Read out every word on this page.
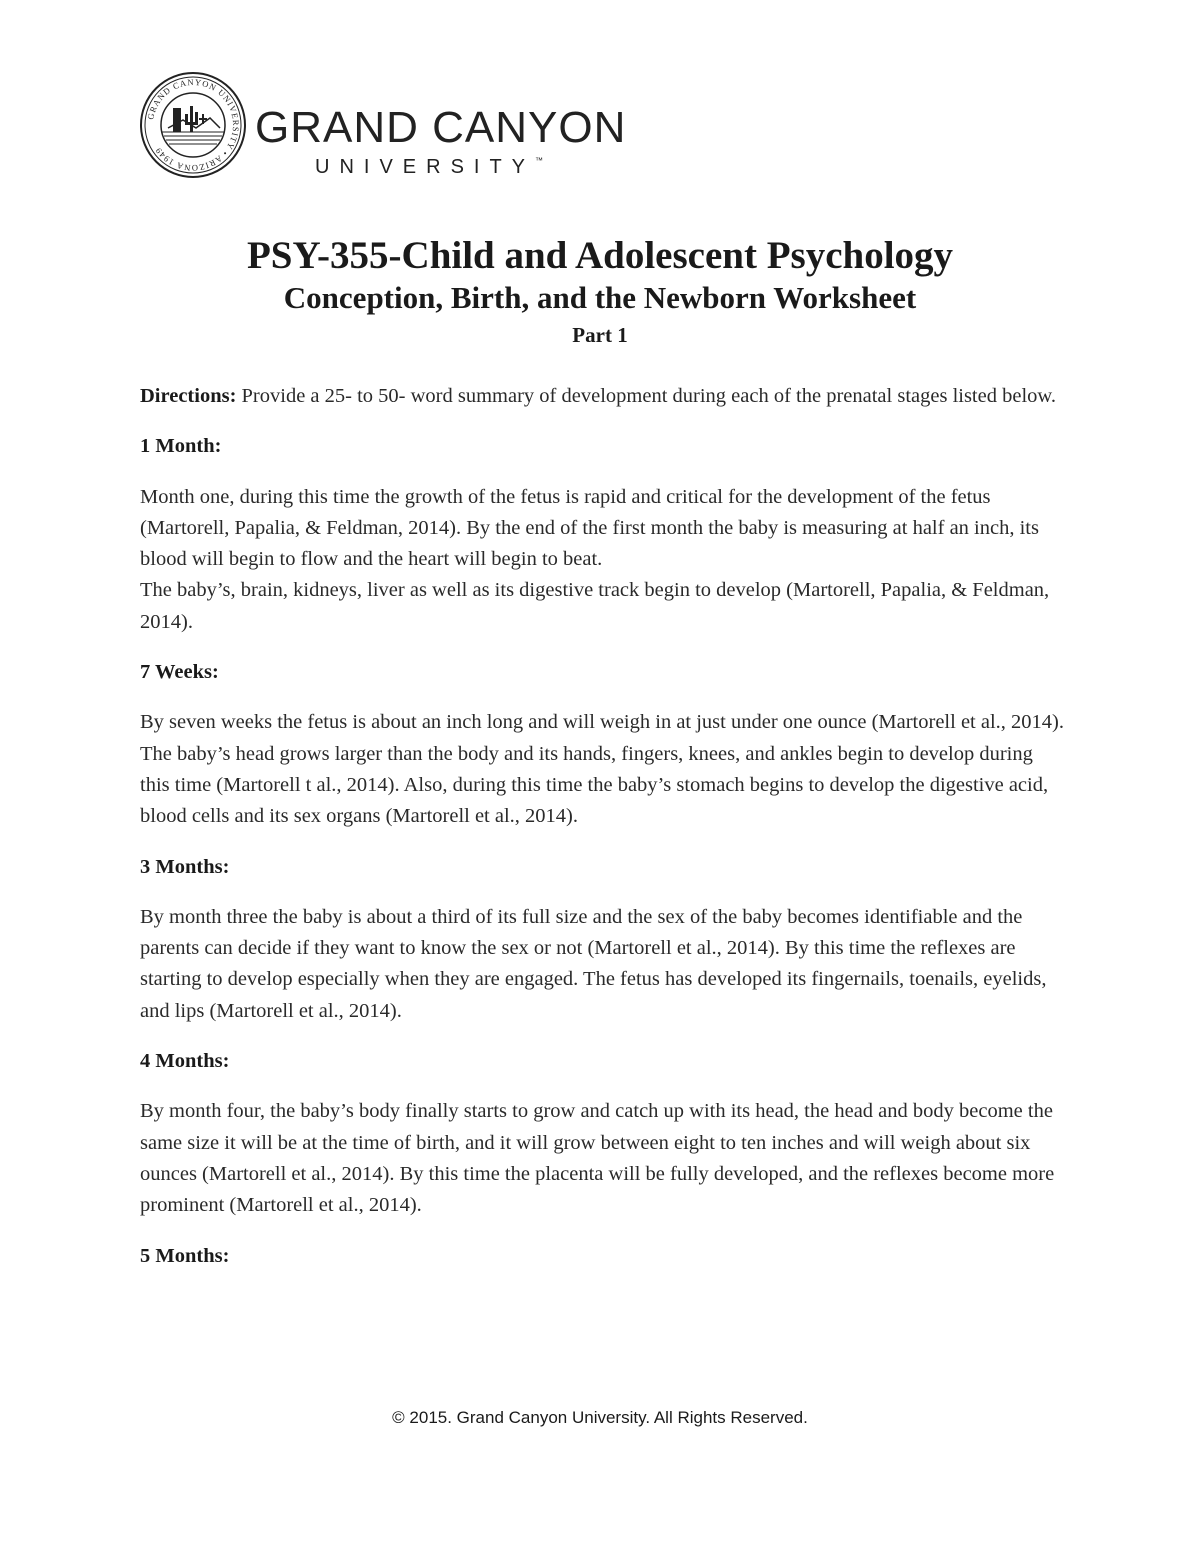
GRAND CANYON UNIVERSITY • ARIZONA 1949	GRAND CANYON
UNIVERSITY™
PSY-355-Child and Adolescent Psychology
Conception, Birth, and the Newborn Worksheet
Part 1

Directions: Provide a 25- to 50- word summary of development during each of the prenatal stages listed below.

1 Month:

Month one, during this time the growth of the fetus is rapid and critical for the development of the fetus (Martorell, Papalia, & Feldman, 2014). By the end of the first month the baby is measuring at half an inch, its blood will begin to flow and the heart will begin to beat.
The baby’s, brain, kidneys, liver as well as its digestive track begin to develop (Martorell, Papalia, & Feldman, 2014).

7 Weeks:

By seven weeks the fetus is about an inch long and will weigh in at just under one ounce (Martorell et al., 2014). The baby’s head grows larger than the body and its hands, fingers, knees, and ankles begin to develop during this time (Martorell t al., 2014). Also, during this time the baby’s stomach begins to develop the digestive acid, blood cells and its sex organs (Martorell et al., 2014).

3 Months:

By month three the baby is about a third of its full size and the sex of the baby becomes identifiable and the parents can decide if they want to know the sex or not (Martorell et al., 2014). By this time the reflexes are starting to develop especially when they are engaged. The fetus has developed its fingernails, toenails, eyelids, and lips (Martorell et al., 2014).

4 Months:

By month four, the baby’s body finally starts to grow and catch up with its head, the head and body become the same size it will be at the time of birth, and it will grow between eight to ten inches and will weigh about six ounces (Martorell et al., 2014). By this time the placenta will be fully developed, and the reflexes become more prominent (Martorell et al., 2014).

5 Months:
© 2015. Grand Canyon University. All Rights Reserved.
